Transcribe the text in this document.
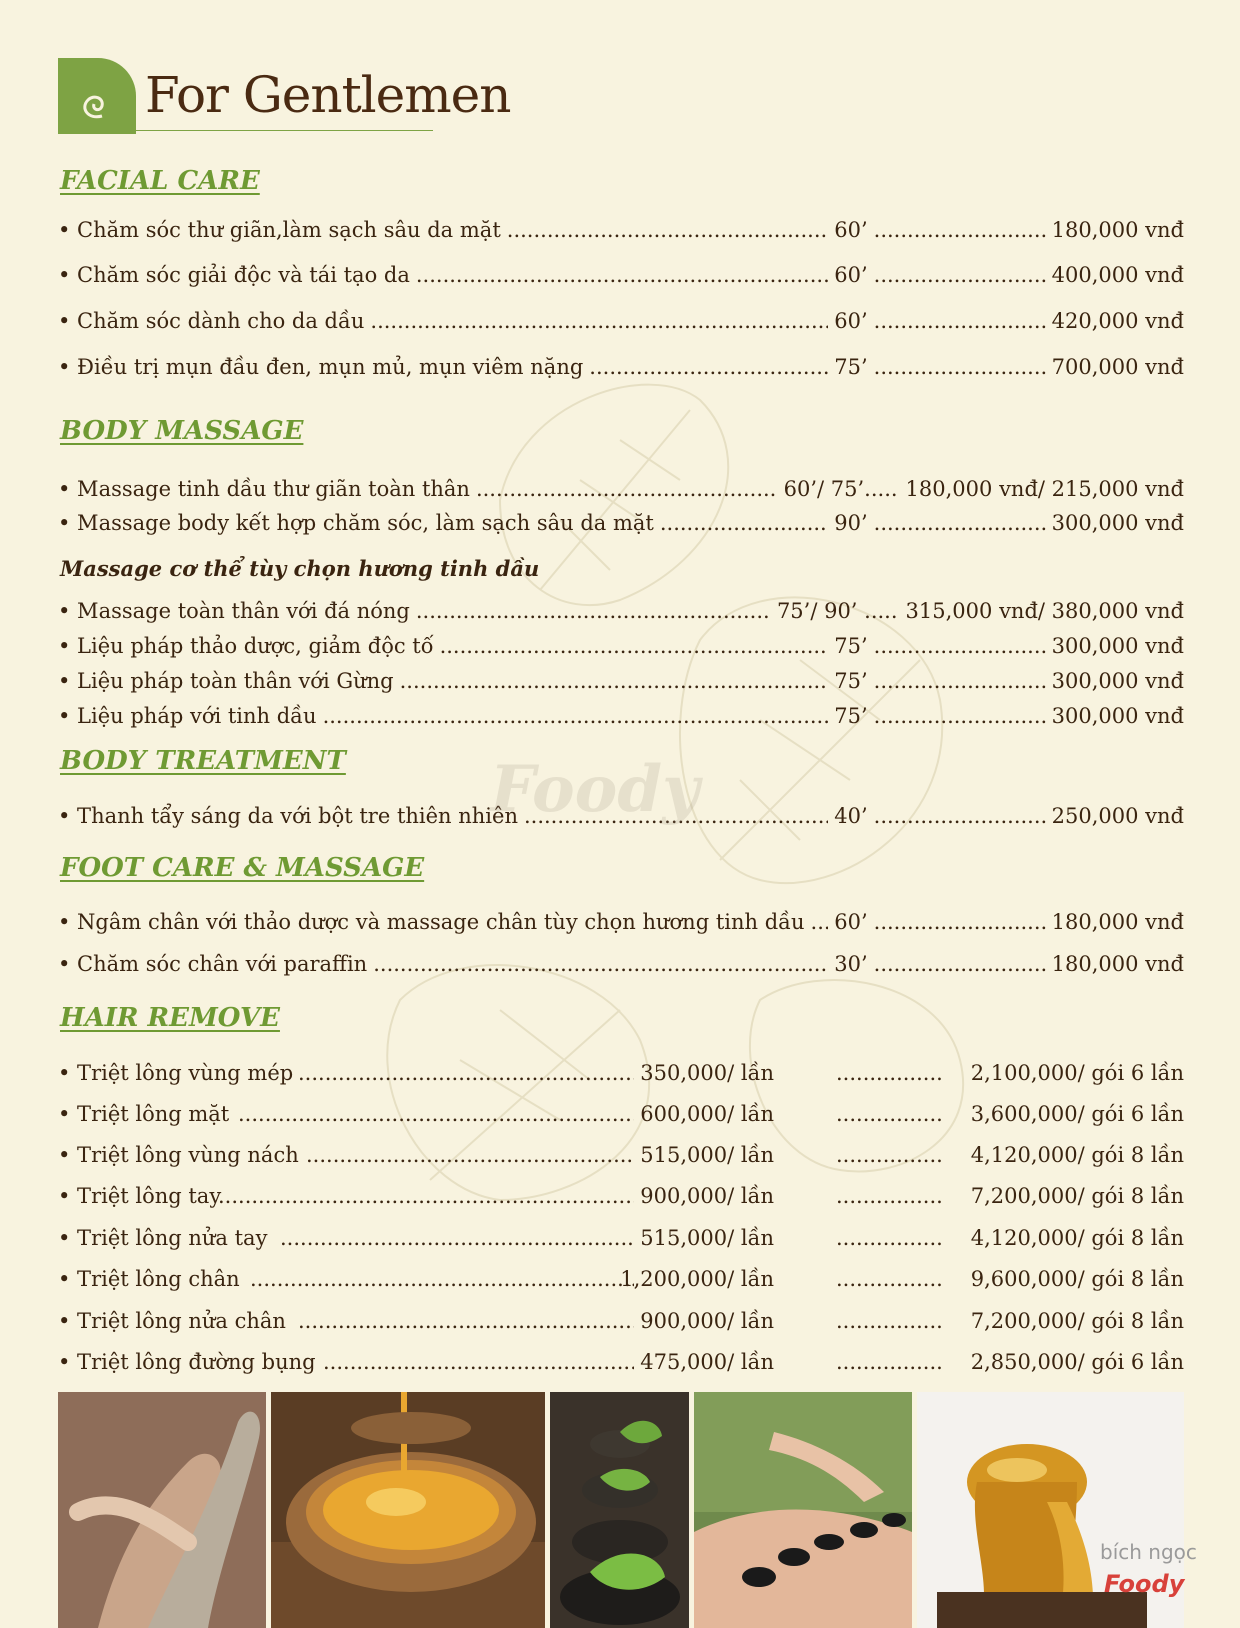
For Gentlemen
FACIAL CARE
• Chăm sóc thư giãn,làm sạch sâu da mặt .....	60’ .....	180,000 vnđ
• Chăm sóc giải độc và tái tạo da .....	60’ .....	400,000 vnđ
• Chăm sóc dành cho da dầu .....	60’ .....	420,000 vnđ
• Điều trị mụn đầu đen, mụn mủ, mụn viêm nặng .....	75’ .....	700,000 vnđ
BODY MASSAGE
• Massage tinh dầu thư giãn toàn thân .....	60’/ 75’..... 180,000 vnđ/ 215,000 vnđ
• Massage body kết hợp chăm sóc, làm sạch sâu da mặt .....	90’ .....	300,000 vnđ
Massage cơ thể tùy chọn hương tinh dầu
• Massage toàn thân với đá nóng .....	75’/ 90’ ..... 315,000 vnđ/ 380,000 vnđ
• Liệu pháp thảo dược, giảm độc tố .....	75’ .....	300,000 vnđ
• Liệu pháp toàn thân với Gừng .....	75’ .....	300,000 vnđ
• Liệu pháp với tinh dầu .....	75’ .....	300,000 vnđ
BODY TREATMENT
• Thanh tẩy sáng da với bột tre thiên nhiên .....	40’ .....	250,000 vnđ
FOOT CARE & MASSAGE
• Ngâm chân với thảo dược và massage chân tùy chọn hương tinh dầu ..... 60’ .....	180,000 vnđ
• Chăm sóc chân với paraffin .....	30’ .....	180,000 vnđ
HAIR REMOVE
• Triệt lông vùng mép .....	350,000/ lần .....	2,100,000/ gói 6 lần
• Triệt lông mặt .....	600,000/ lần .....	3,600,000/ gói 6 lần
• Triệt lông vùng nách .....	515,000/ lần .....	4,120,000/ gói 8 lần
• Triệt lông tay .....	900,000/ lần .....	7,200,000/ gói 8 lần
• Triệt lông nửa tay .....	515,000/ lần .....	4,120,000/ gói 8 lần
• Triệt lông chân .....	1,200,000/ lần .....	9,600,000/ gói 8 lần
• Triệt lông nửa chân .....	900,000/ lần .....	7,200,000/ gói 8 lần
• Triệt lông đường bụng .....	475,000/ lần .....	2,850,000/ gói 6 lần
Foody
bích ngọc
Foody
